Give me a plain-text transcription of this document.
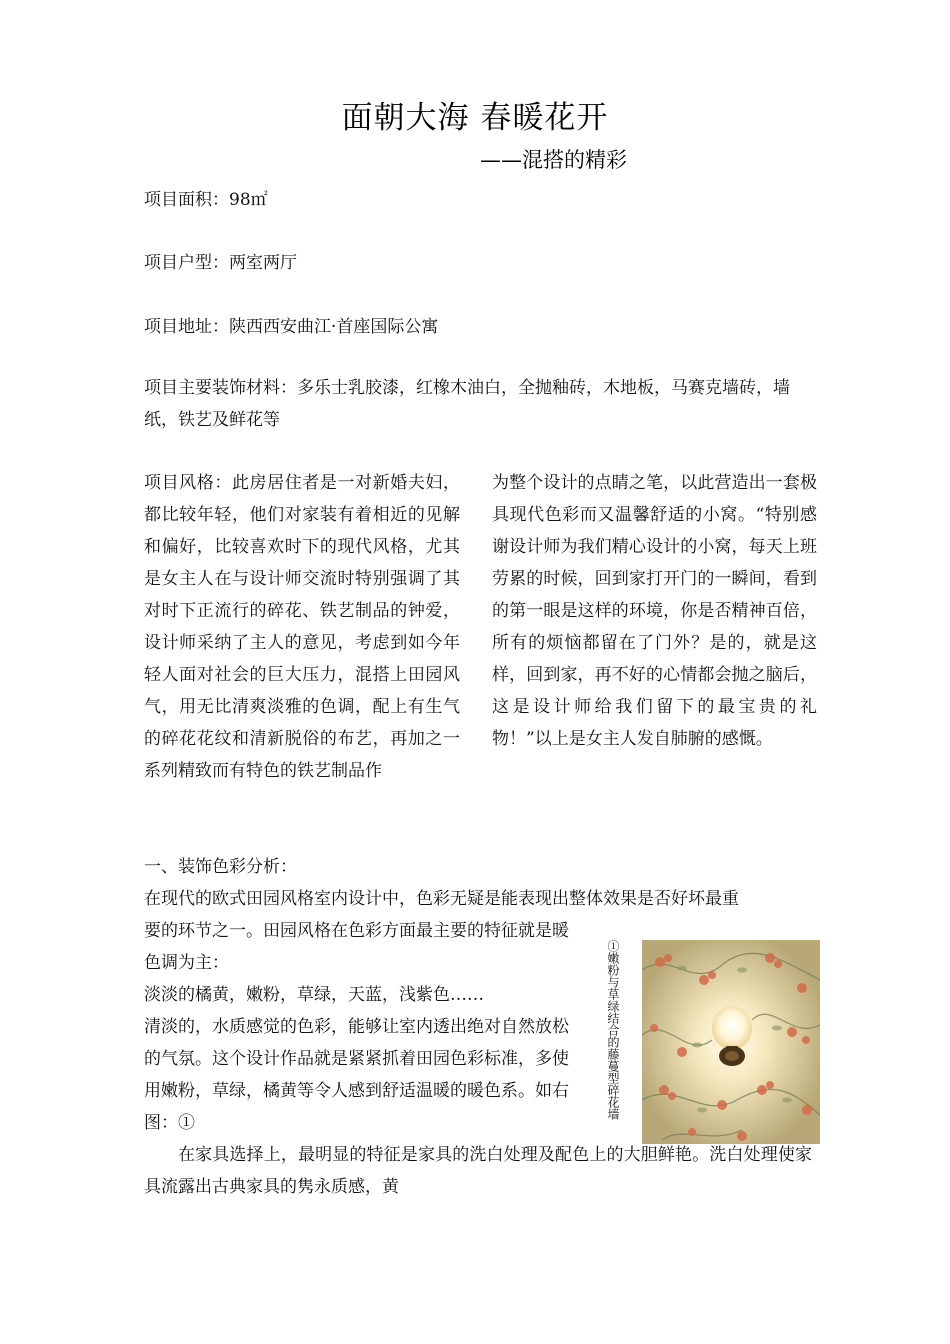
面朝大海 春暖花开
——混搭的精彩
项目面积：98㎡
项目户型：两室两厅
项目地址：陕西西安曲江·首座国际公寓
项目主要装饰材料：多乐士乳胶漆，红橡木油白，全抛釉砖，木地板，马赛克墙砖，墙纸，铁艺及鲜花等
项目风格：此房居住者是一对新婚夫妇，都比较年轻，他们对家装有着相近的见解和偏好，比较喜欢时下的现代风格，尤其是女主人在与设计师交流时特别强调了其对时下正流行的碎花、铁艺制品的钟爱，设计师采纳了主人的意见，考虑到如今年轻人面对社会的巨大压力，混搭上田园风气，用无比清爽淡雅的色调，配上有生气的碎花花纹和清新脱俗的布艺，再加之一系列精致而有特色的铁艺制品作
为整个设计的点睛之笔，以此营造出一套极具现代色彩而又温馨舒适的小窝。“特别感谢设计师为我们精心设计的小窝，每天上班劳累的时候，回到家打开门的一瞬间，看到的第一眼是这样的环境，你是否精神百倍，所有的烦恼都留在了门外？是的，就是这样，回到家，再不好的心情都会抛之脑后，这是设计师给我们留下的最宝贵的礼物！”以上是女主人发自肺腑的感慨。
一、装饰色彩分析：
在现代的欧式田园风格室内设计中，色彩无疑是能表现出整体效果是否好坏最重

要的环节之一。田园风格在色彩方面最主要的特征就是暖色调为主：

淡淡的橘黄，嫩粉，草绿，天蓝，浅紫色……

清淡的，水质感觉的色彩，能够让室内透出绝对自然放松的气氛。这个设计作品就是紧紧抓着田园色彩标准，多使用嫩粉，草绿，橘黄等令人感到舒适温暖的暖色系。如右图：①

在家具选择上，最明显的特征是家具的洗白处理及配色上的大胆鲜艳。洗白处理使家具流露出古典家具的隽永质感，黄
①嫩粉与草绿结合的藤蔓型碎花墙
